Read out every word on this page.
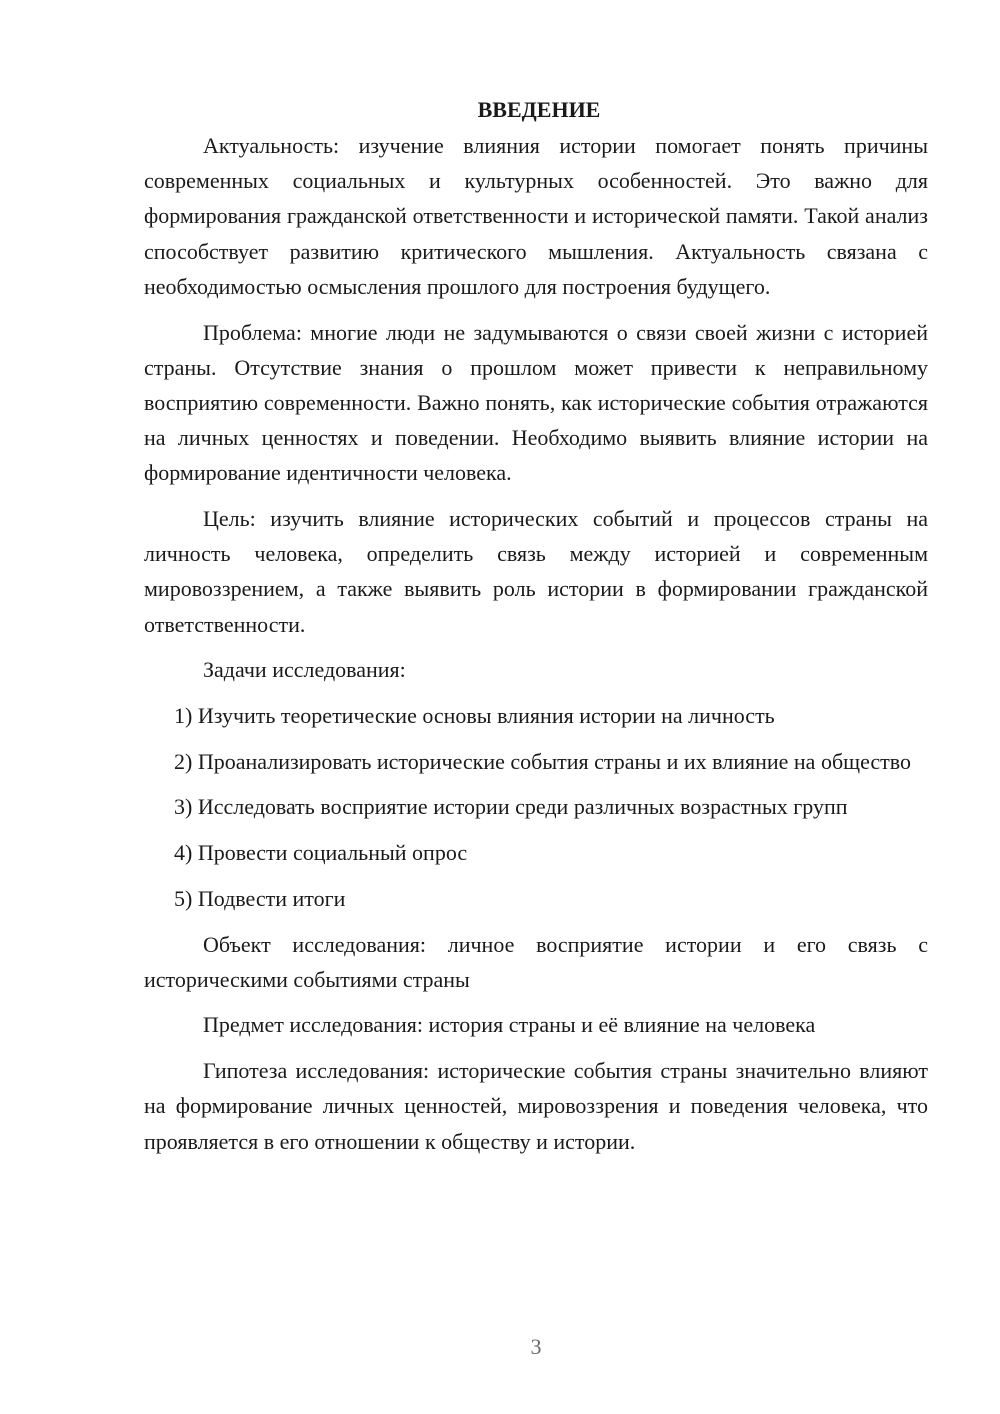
ВВЕДЕНИЕ

Актуальность: изучение влияния истории помогает понять причины современных социальных и культурных особенностей. Это важно для формирования гражданской ответственности и исторической памяти. Такой анализ способствует развитию критического мышления. Актуальность связана с необходимостью осмысления прошлого для построения будущего.

Проблема: многие люди не задумываются о связи своей жизни с историей страны. Отсутствие знания о прошлом может привести к неправильному восприятию современности. Важно понять, как исторические события отражаются на личных ценностях и поведении. Необходимо выявить влияние истории на формирование идентичности человека.

Цель: изучить влияние исторических событий и процессов страны на личность человека, определить связь между историей и современным мировоззрением, а также выявить роль истории в формировании гражданской ответственности.

Задачи исследования:

1) Изучить теоретические основы влияния истории на личность

2) Проанализировать исторические события страны и их влияние на общество

3) Исследовать восприятие истории среди различных возрастных групп

4) Провести социальный опрос

5) Подвести итоги

Объект исследования: личное восприятие истории и его связь с историческими событиями страны

Предмет исследования: история страны и её влияние на человека

Гипотеза исследования: исторические события страны значительно влияют на формирование личных ценностей, мировоззрения и поведения человека, что проявляется в его отношении к обществу и истории.

3
